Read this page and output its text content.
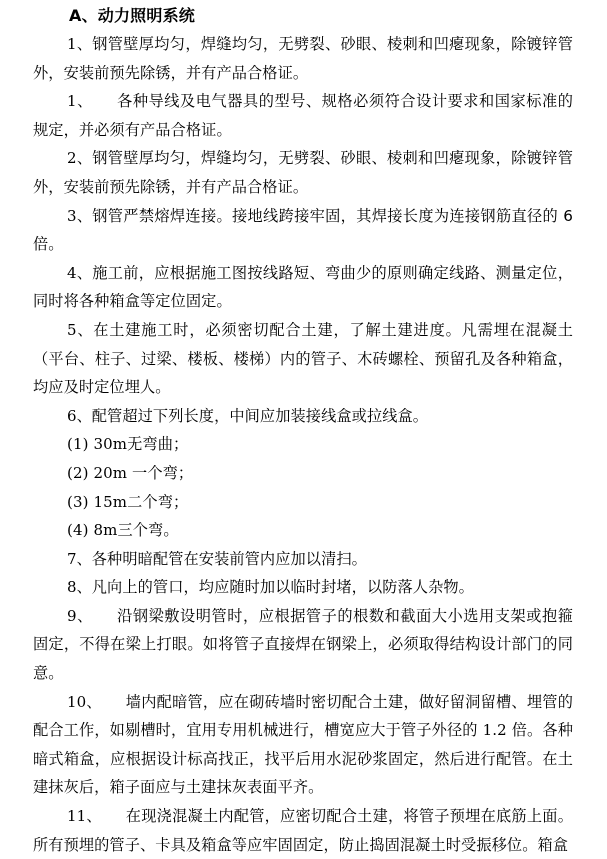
A、动力照明系统

1、钢管壁厚均匀，焊缝均匀，无劈裂、砂眼、棱刺和凹瘪现象，除镀锌管外，安装前预先除锈，并有产品合格证。

1、 各种导线及电气器具的型号、规格必须符合设计要求和国家标准的规定，并必须有产品合格证。

2、钢管壁厚均匀，焊缝均匀，无劈裂、砂眼、棱刺和凹瘪现象，除镀锌管外，安装前预先除锈，并有产品合格证。

3、钢管严禁熔焊连接。接地线跨接牢固，其焊接长度为连接钢筋直径的 6 倍。

4、施工前，应根据施工图按线路短、弯曲少的原则确定线路、测量定位，同时将各种箱盒等定位固定。

5、在土建施工时，必须密切配合土建，了解土建进度。凡需埋在混凝土（平台、柱子、过梁、楼板、楼梯）内的管子、木砖螺栓、预留孔及各种箱盒，均应及时定位埋人。

6、配管超过下列长度，中间应加装接线盒或拉线盒。

(1) 30m无弯曲；

(2) 20m 一个弯；

(3) 15m二个弯；

(4) 8m三个弯。

7、各种明暗配管在安装前管内应加以清扫。

8、凡向上的管口，均应随时加以临时封堵，以防落人杂物。

9、 沿钢梁敷设明管时，应根据管子的根数和截面大小选用支架或抱箍固定，不得在梁上打眼。如将管子直接焊在钢梁上，必须取得结构设计部门的同意。

10、 墙内配暗管，应在砌砖墙时密切配合土建，做好留洞留槽、埋管的配合工作，如剔槽时，宜用专用机械进行，槽宽应大于管子外径的 1.2 倍。各种暗式箱盒，应根据设计标高找正，找平后用水泥砂浆固定，然后进行配管。在土建抹灰后，箱子面应与土建抹灰表面平齐。

11、 在现浇混凝土内配管，应密切配合土建，将管子预埋在底筋上面。所有预埋的管子、卡具及箱盒等应牢固固定，防止捣固混凝土时受振移位。箱盒
